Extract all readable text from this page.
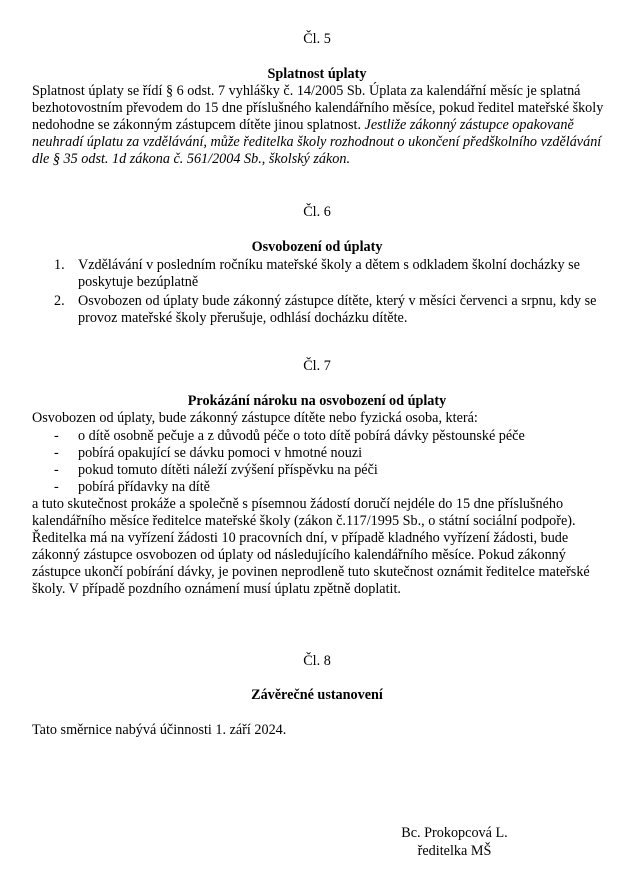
Čl. 5
Splatnost úplaty

Splatnost úplaty se řídí § 6 odst. 7 vyhlášky č. 14/2005 Sb. Úplata za kalendářní měsíc je splatná bezhotovostním převodem do 15 dne příslušného kalendářního měsíce, pokud ředitel mateřské školy nedohodne se zákonným zástupcem dítěte jinou splatnost. Jestliže zákonný zástupce opakovaně neuhradí úplatu za vzdělávání, může ředitelka školy rozhodnout o ukončení předškolního vzdělávání dle § 35 odst. 1d zákona č. 561/2004 Sb., školský zákon.

Čl. 6
Osvobození od úplaty
1. Vzdělávání v posledním ročníku mateřské školy a dětem s odkladem školní docházky se poskytuje bezúplatně
2. Osvobozen od úplaty bude zákonný zástupce dítěte, který v měsíci červenci a srpnu, kdy se provoz mateřské školy přerušuje, odhlásí docházku dítěte.
Čl. 7
Prokázání nároku na osvobození od úplaty

Osvobozen od úplaty, bude zákonný zástupce dítěte nebo fyzická osoba, která:

- o dítě osobně pečuje a z důvodů péče o toto dítě pobírá dávky pěstounské péče
- pobírá opakující se dávku pomoci v hmotné nouzi
- pokud tomuto dítěti náleží zvýšení příspěvku na péči
- pobírá přídavky na dítě

a tuto skutečnost prokáže a společně s písemnou žádostí doručí nejdéle do 15 dne příslušného kalendářního měsíce ředitelce mateřské školy (zákon č.117/1995 Sb., o státní sociální podpoře). Ředitelka má na vyřízení žádosti 10 pracovních dní, v případě kladného vyřízení žádosti, bude zákonný zástupce osvobozen od úplaty od následujícího kalendářního měsíce. Pokud zákonný zástupce ukončí pobírání dávky, je povinen neprodleně tuto skutečnost oznámit ředitelce mateřské školy. V případě pozdního oznámení musí úplatu zpětně doplatit.

Čl. 8
Závěrečné ustanovení

Tato směrnice nabývá účinnosti 1. září 2024.

Bc. Prokopcová L.
ředitelka MŠ
